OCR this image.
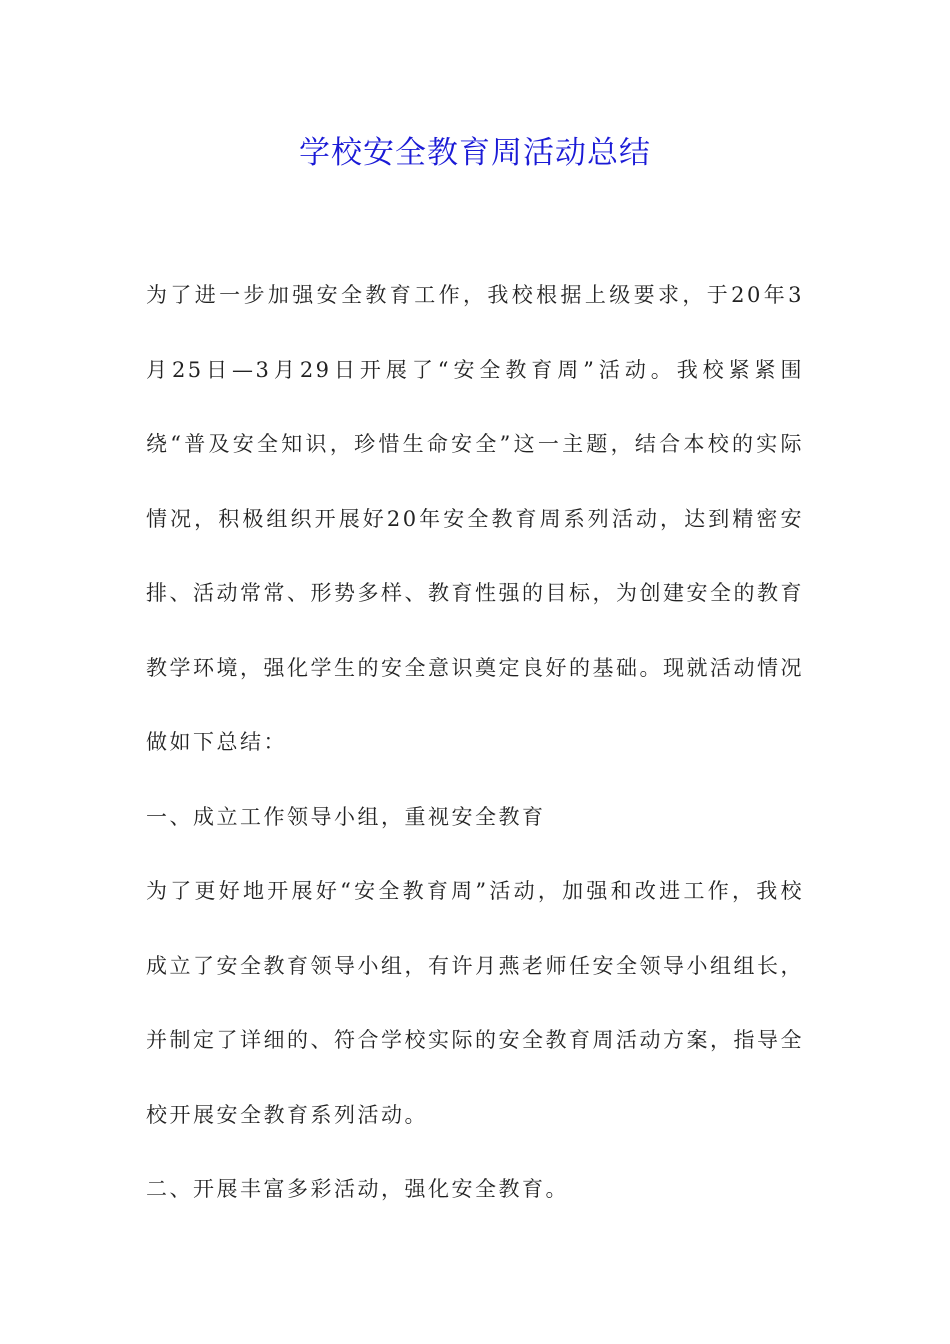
学校安全教育周活动总结

为了进一步加强安全教育工作，我校根据上级要求，于20年3月25日—3月29日开展了“安全教育周”活动。我校紧紧围绕“普及安全知识，珍惜生命安全”这一主题，结合本校的实际情况，积极组织开展好20年安全教育周系列活动，达到精密安排、活动常常、形势多样、教育性强的目标，为创建安全的教育教学环境，强化学生的安全意识奠定良好的基础。现就活动情况做如下总结：

一、成立工作领导小组，重视安全教育

为了更好地开展好“安全教育周”活动，加强和改进工作，我校成立了安全教育领导小组，有许月燕老师任安全领导小组组长，并制定了详细的、符合学校实际的安全教育周活动方案，指导全校开展安全教育系列活动。

二、开展丰富多彩活动，强化安全教育。
